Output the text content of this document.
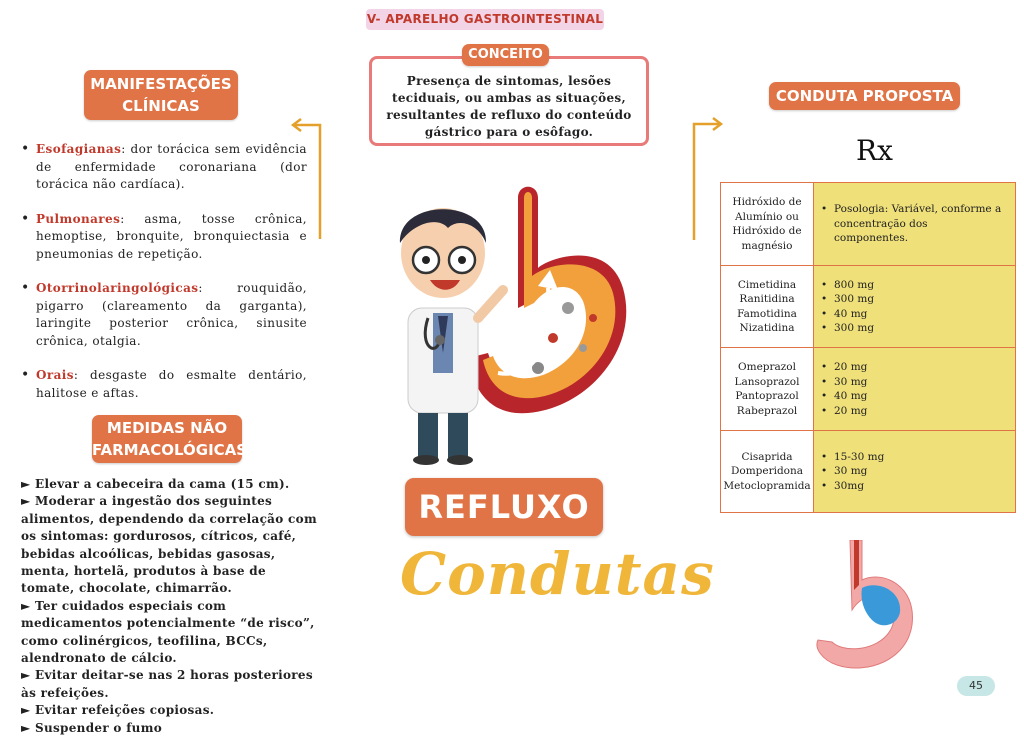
V- APARELHO GASTROINTESTINAL
MANIFESTAÇÕES
CLÍNICAS
• Esofagianas: dor torácica sem evidência de enfermidade coronariana (dor torácica não cardíaca).
• Pulmonares: asma, tosse crônica, hemoptise, bronquite, bronquiectasia e pneumonias de repetição.
• Otorrinolaringológicas: rouquidão, pigarro (clareamento da garganta), laringite posterior crônica, sinusite crônica, otalgia.
• Orais: desgaste do esmalte dentário, halitose e aftas.
MEDIDAS NÃO
FARMACOLÓGICAS

► Elevar a cabeceira da cama (15 cm).

► Moderar a ingestão dos seguintes alimentos, dependendo da correlação com os sintomas: gordurosos, cítricos, café, bebidas alcoólicas, bebidas gasosas, menta, hortelã, produtos à base de tomate, chocolate, chimarrão.

► Ter cuidados especiais com medicamentos potencialmente “de risco”, como colinérgicos, teofilina, BCCs, alendronato de cálcio.

► Evitar deitar-se nas 2 horas posteriores às refeições.

► Evitar refeições copiosas.

► Suspender o fumo

CONCEITO
Presença de sintomas, lesões teciduais, ou ambas as situações, resultantes de refluxo do conteúdo gástrico para o esôfago.
REFLUXO
Condutas
CONDUTA PROPOSTA
Rx
Hidróxido de
Alumínio ou
Hidróxido de
magnésio
• Posologia: Variável, conforme a concentração dos componentes.
Cimetidina
Ranitidina
Famotidina
Nizatidina
• 800 mg
• 300 mg
• 40 mg
• 300 mg
Omeprazol
Lansoprazol
Pantoprazol
Rabeprazol
• 20 mg
• 30 mg
• 40 mg
• 20 mg
Cisaprida
Domperidona
Metoclopramida
• 15-30 mg
• 30 mg
• 30mg
45
